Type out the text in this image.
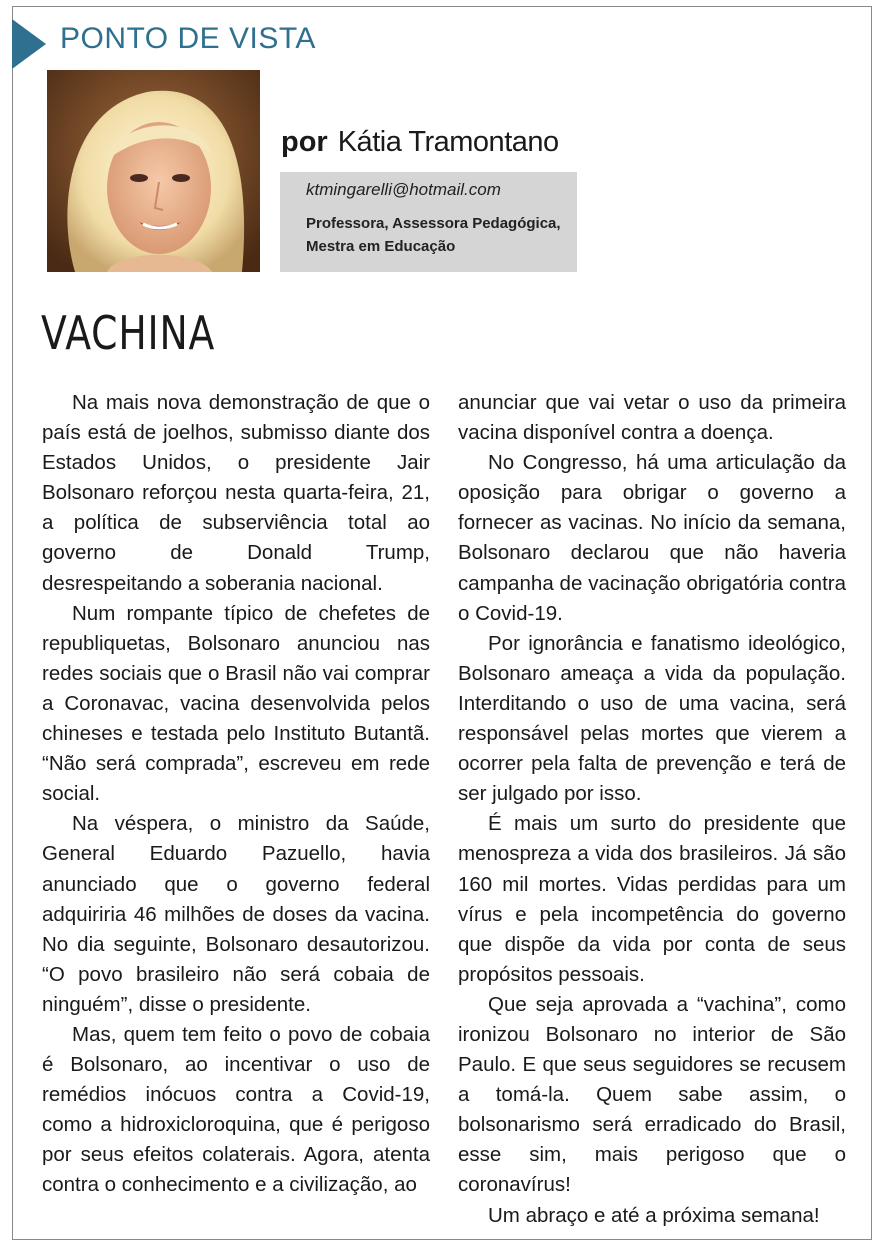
PONTO DE VISTA
por Kátia Tramontano
ktmingarelli@hotmail.com
Professora, Assessora Pedagógica, Mestra em Educação
VACHINA

Na mais nova demonstração de que o país está de joelhos, submisso diante dos Estados Unidos, o presidente Jair Bolsonaro reforçou nesta quarta-feira, 21, a política de subserviência total ao governo de Donald Trump, desrespeitando a soberania nacional.

Num rompante típico de chefetes de republiquetas, Bolsonaro anunciou nas redes sociais que o Brasil não vai comprar a Coronavac, vacina desenvolvida pelos chineses e testada pelo Instituto Butantã. “Não será comprada”, escreveu em rede social.

Na véspera, o ministro da Saúde, General Eduardo Pazuello, havia anunciado que o governo federal adquiriria 46 milhões de doses da vacina. No dia seguinte, Bolsonaro desautorizou. “O povo brasileiro não será cobaia de ninguém”, disse o presidente.

Mas, quem tem feito o povo de cobaia é Bolsonaro, ao incentivar o uso de remédios inócuos contra a Covid-19, como a hidroxicloroquina, que é perigoso por seus efeitos colaterais. Agora, atenta contra o conhecimento e a civilização, ao

anunciar que vai vetar o uso da primeira vacina disponível contra a doença.

No Congresso, há uma articulação da oposição para obrigar o governo a fornecer as vacinas. No início da semana, Bolsonaro declarou que não haveria campanha de vacinação obrigatória contra o Covid-19.

Por ignorância e fanatismo ideológico, Bolsonaro ameaça a vida da população. Interditando o uso de uma vacina, será responsável pelas mortes que vierem a ocorrer pela falta de prevenção e terá de ser julgado por isso.

É mais um surto do presidente que menospreza a vida dos brasileiros. Já são 160 mil mortes. Vidas perdidas para um vírus e pela incompetência do governo que dispõe da vida por conta de seus propósitos pessoais.

Que seja aprovada a “vachina”, como ironizou Bolsonaro no interior de São Paulo. E que seus seguidores se recusem a tomá-la. Quem sabe assim, o bolsonarismo será erradicado do Brasil, esse sim, mais perigoso que o coronavírus!

Um abraço e até a próxima semana!
